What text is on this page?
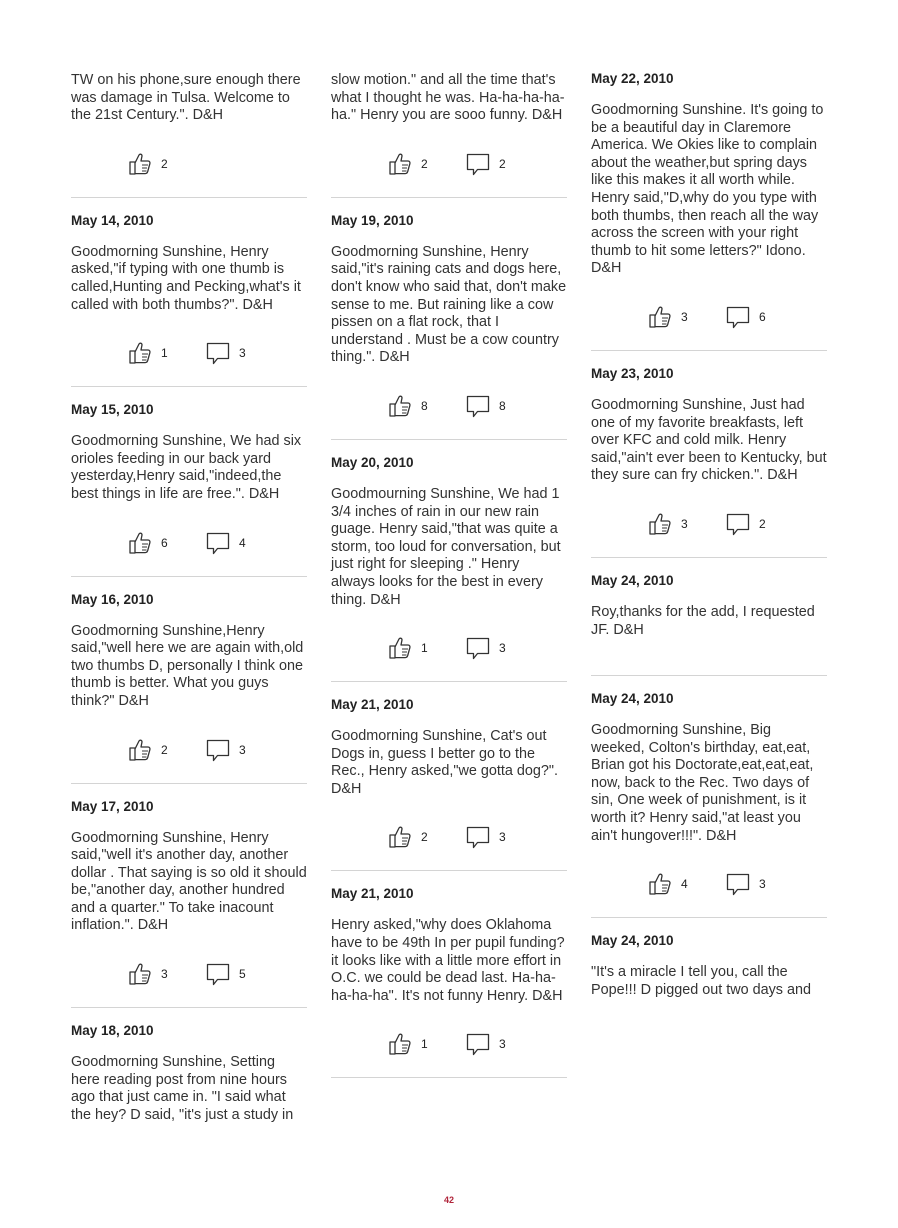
TW on his phone,sure enough there was damage in Tulsa. Welcome to the 21st Century.". D&H
2
May 14, 2010
Goodmorning Sunshine, Henry asked,"if typing with one thumb is called,Hunting and Pecking,what's it called with both thumbs?". D&H
1	3
May 15, 2010
Goodmorning Sunshine, We had six orioles feeding in our back yard yesterday,Henry said,"indeed,the best things in life are free.". D&H
6	4
May 16, 2010
Goodmorning Sunshine,Henry said,"well here we are again with,old two thumbs D, personally I think one thumb is better. What you guys think?" D&H
2	3
May 17, 2010
Goodmorning Sunshine, Henry said,"well it's another day, another dollar . That saying is so old it should be,"another day, another hundred and a quarter." To take inacount inflation.". D&H
3	5
May 18, 2010
Goodmorning Sunshine, Setting here reading post from nine hours ago that just came in. "I said what the hey? D said, "it's just a study in
slow motion." and all the time that's what I thought he was. Ha-ha-ha-ha-ha." Henry you are sooo funny. D&H
2	2
May 19, 2010
Goodmorning Sunshine, Henry said,"it's raining cats and dogs here, don't know who said that, don't make sense to me. But raining like a cow pissen on a flat rock, that I understand . Must be a cow country thing.". D&H
8	8
May 20, 2010
Goodmourning Sunshine, We had 1 3/4 inches of rain in our new rain guage. Henry said,"that was quite a storm, too loud for conversation, but just right for sleeping ." Henry always looks for the best in every thing. D&H
1	3
May 21, 2010
Goodmorning Sunshine, Cat's out Dogs in, guess I better go to the Rec., Henry asked,"we gotta dog?". D&H
2	3
May 21, 2010
Henry asked,"why does Oklahoma have to be 49th In per pupil funding?it looks like with a little more effort in O.C. we could be dead last. Ha-ha-ha-ha-ha". It's not funny Henry. D&H
1	3
May 22, 2010
Goodmorning Sunshine. It's going to be a beautiful day in Claremore America. We Okies like to complain about the weather,but spring days like this makes it all worth while. Henry said,"D,why do you type with both thumbs, then reach all the way across the screen with your right thumb to hit some letters?" Idono. D&H
3	6
May 23, 2010
Goodmorning Sunshine, Just had one of my favorite breakfasts, left over KFC and cold milk. Henry said,"ain't ever been to Kentucky, but they sure can fry chicken.". D&H
3	2
May 24, 2010
Roy,thanks for the add, I requested JF. D&H
May 24, 2010
Goodmorning Sunshine, Big weeked, Colton's birthday, eat,eat, Brian got his Doctorate,eat,eat,eat, now, back to the Rec. Two days of sin, One week of punishment, is it worth it? Henry said,"at least you ain't hungover!!!". D&H
4	3
May 24, 2010
"It's a miracle I tell you, call the Pope!!! D pigged out two days and
42
